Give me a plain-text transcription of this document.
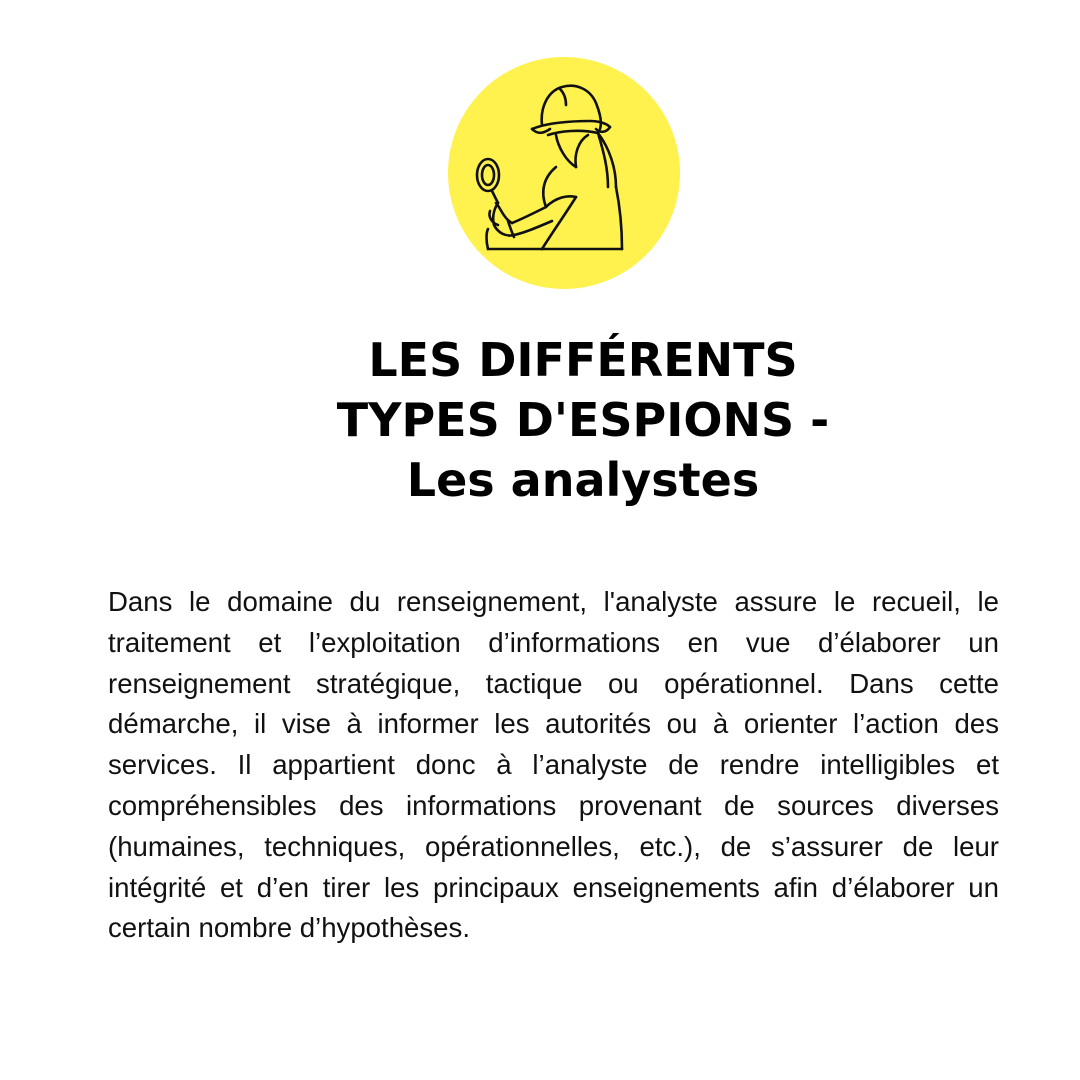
LES DIFFÉRENTS
TYPES D'ESPIONS -
Les analystes

Dans le domaine du renseignement, l'analyste assure le recueil, le traitement et l’exploitation d’informations en vue d’élaborer un renseignement stratégique, tactique ou opérationnel. Dans cette démarche, il vise à informer les autorités ou à orienter l’action des services. Il appartient donc à l’analyste de rendre intelligibles et compréhensibles des informations provenant de sources diverses (humaines, techniques, opérationnelles, etc.), de s’assurer de leur intégrité et d’en tirer les principaux enseignements afin d’élaborer un certain nombre d’hypothèses.
